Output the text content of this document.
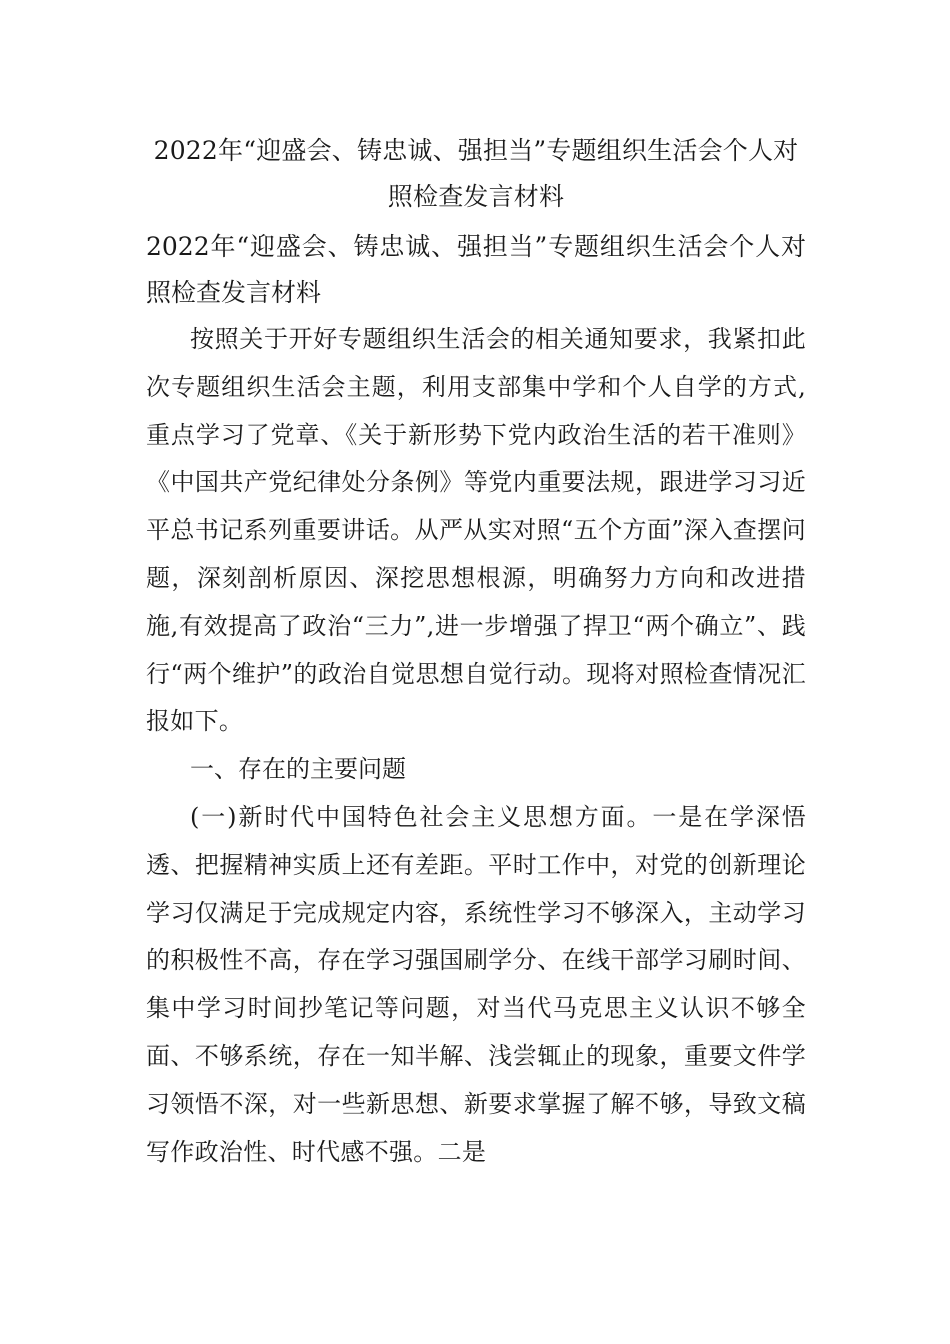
2022年“迎盛会、铸忠诚、强担当”专题组织生活会个人对照检查发言材料
2022年“迎盛会、铸忠诚、强担当”专题组织生活会个人对照检查发言材料

按照关于开好专题组织生活会的相关通知要求，我紧扣此次专题组织生活会主题，利用支部集中学和个人自学的方式,重点学习了党章、《关于新形势下党内政治生活的若干准则》《中国共产党纪律处分条例》等党内重要法规，跟进学习习近平总书记系列重要讲话。从严从实对照“五个方面”深入查摆问题，深刻剖析原因、深挖思想根源，明确努力方向和改进措施,有效提高了政治“三力”,进一步增强了捍卫“两个确立”、践行“两个维护”的政治自觉思想自觉行动。现将对照检查情况汇报如下。

一、存在的主要问题

(一)新时代中国特色社会主义思想方面。一是在学深悟透、把握精神实质上还有差距。平时工作中，对党的创新理论学习仅满足于完成规定内容，系统性学习不够深入，主动学习的积极性不高，存在学习强国刷学分、在线干部学习刷时间、集中学习时间抄笔记等问题，对当代马克思主义认识不够全面、不够系统，存在一知半解、浅尝辄止的现象，重要文件学习领悟不深，对一些新思想、新要求掌握了解不够，导致文稿写作政治性、时代感不强。二是
